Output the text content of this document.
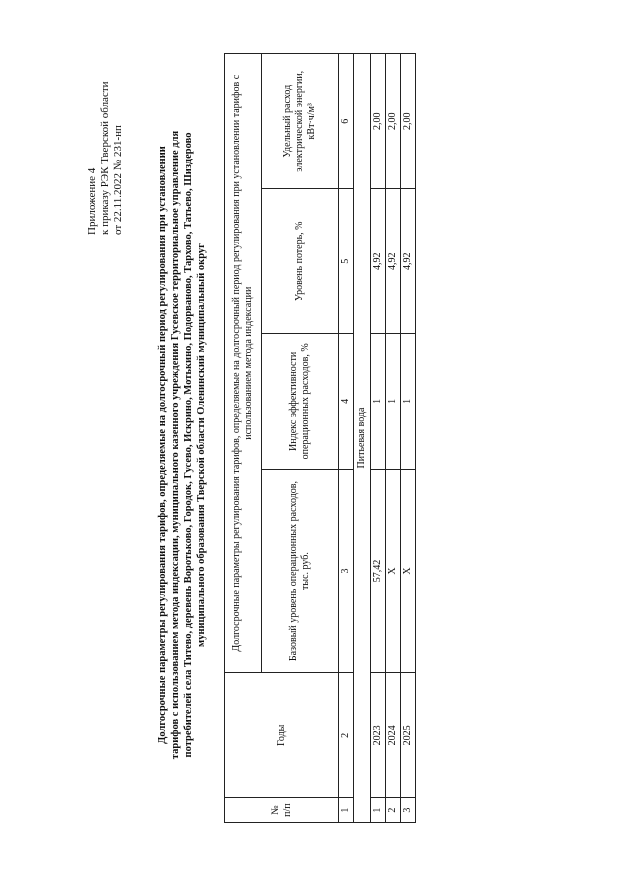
Приложение 4 к приказу РЭК Тверской области от 22.11.2022 № 231-нп	Долгосрочные параметры регулирования тарифов, определяемые на долгосрочный период регулирования при установлении тарифов с использованием метода индексации, муниципального казенного учреждения Гусевское территориальное управление для потребителей села Титево, деревень Воротьково, Городок, Гусево, Искрино, Мотькино, Подорваново, Тархово, Татьево, Шиздерово муниципального образования Тверской области Оленинский муниципальный округ
№ п/п	Годы	Долгосрочные параметры регулирования тарифов, определяемые на долгосрочный период регулирования при установлении тарифов с использованием метода индексации			
		Базовый уровень операционных расходов, тыс. руб.	Индекс эффективности операционных расходов, %	Уровень потерь, %	Удельный расход электрической энергии, кВт·ч/м³
1	2	3	4	5	6
Питьевая вода					
1	2023	57,42	1	4,92	2,00
2	2024	X	1	4,92	2,00
3	2025	X	1	4,92	2,00
